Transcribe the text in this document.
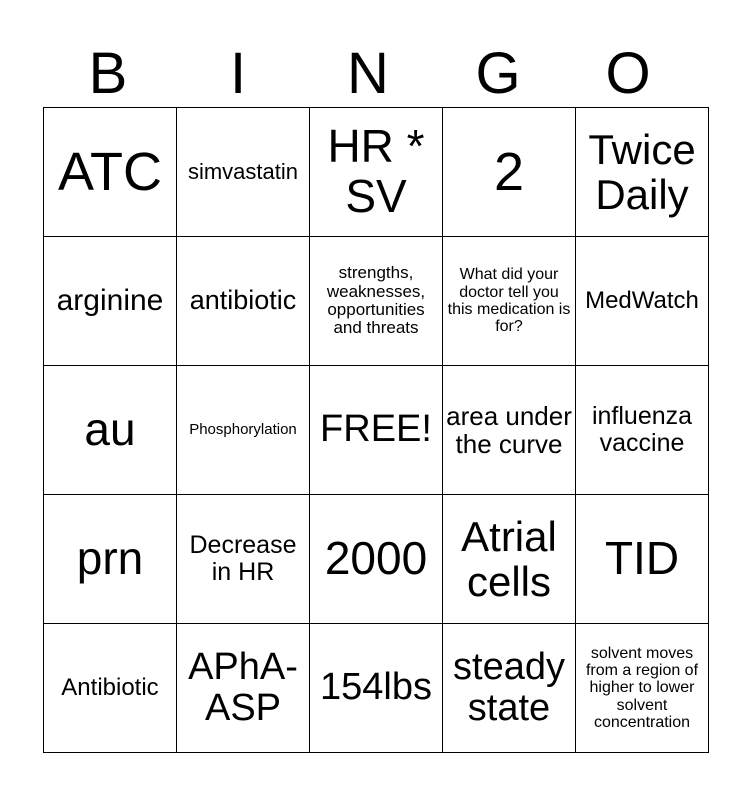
B	I	N	G	O
ATC	simvastatin	HR * SV	2	Twice Daily
arginine	antibiotic	strengths, weaknesses, opportunities and threats	What did your doctor tell you this medication is for?	MedWatch
au	Phosphorylation	FREE!	area under the curve	influenza vaccine
prn	Decrease in HR	2000	Atrial cells	TID
Antibiotic	APhA-ASP	154lbs	steady state	solvent moves from a region of higher to lower solvent concentration
